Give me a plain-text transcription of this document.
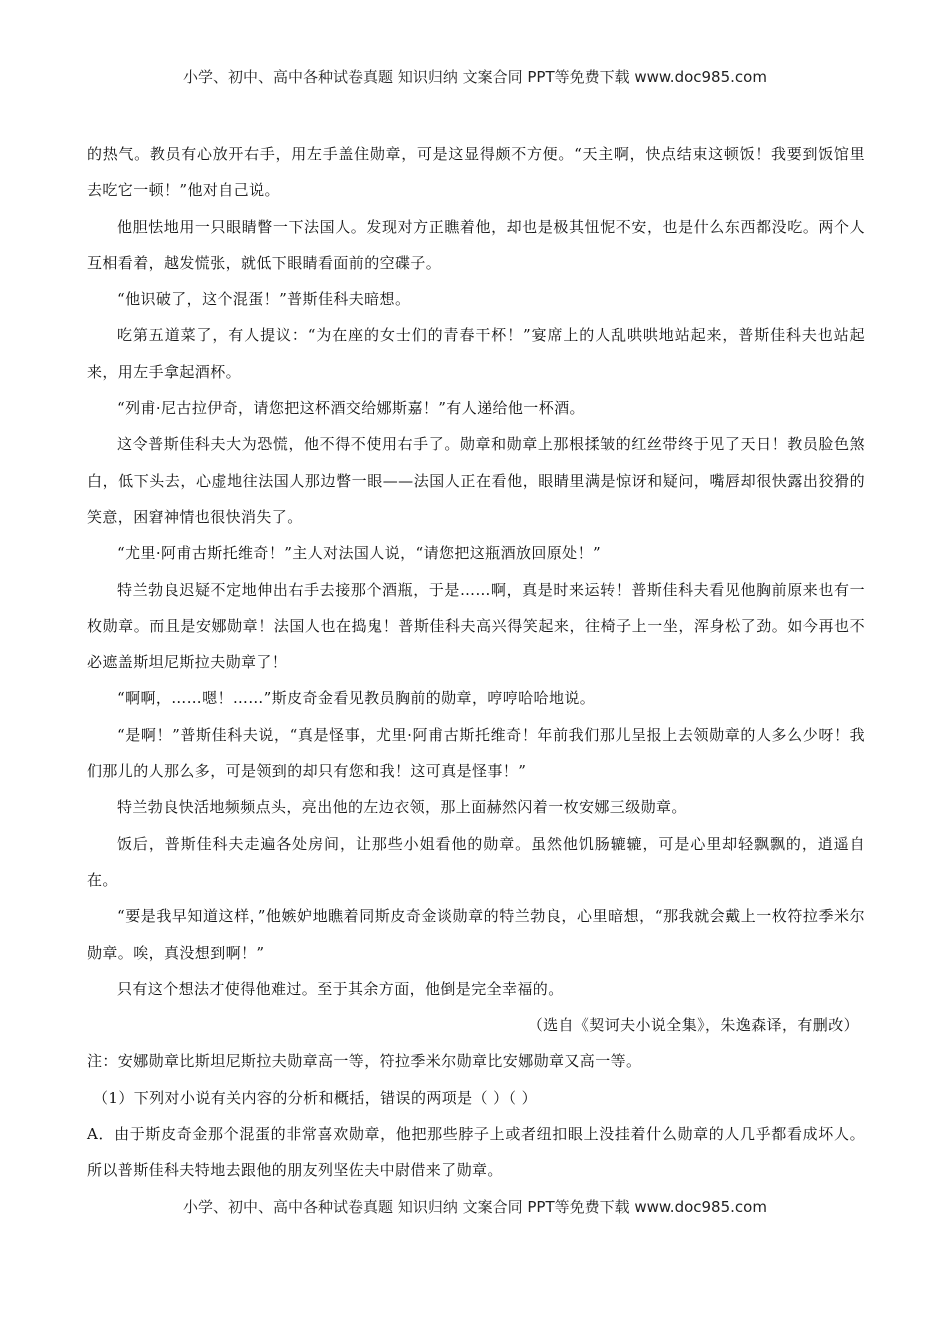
小学、初中、高中各种试卷真题 知识归纳 文案合同 PPT等免费下载 www.doc985.com

的热气。教员有心放开右手，用左手盖住勋章，可是这显得颇不方便。“天主啊，快点结束这顿饭！我要到饭馆里去吃它一顿！”他对自己说。

他胆怯地用一只眼睛瞥一下法国人。发现对方正瞧着他，却也是极其忸怩不安，也是什么东西都没吃。两个人互相看着，越发慌张，就低下眼睛看面前的空碟子。

“他识破了，这个混蛋！”普斯佳科夫暗想。

吃第五道菜了，有人提议：“为在座的女士们的青春干杯！”宴席上的人乱哄哄地站起来，普斯佳科夫也站起来，用左手拿起酒杯。

“列甫·尼古拉伊奇，请您把这杯酒交给娜斯嘉！”有人递给他一杯酒。

这令普斯佳科夫大为恐慌，他不得不使用右手了。勋章和勋章上那根揉皱的红丝带终于见了天日！教员脸色煞白，低下头去，心虚地往法国人那边瞥一眼——法国人正在看他，眼睛里满是惊讶和疑问，嘴唇却很快露出狡猾的笑意，困窘神情也很快消失了。

“尤里·阿甫古斯托维奇！”主人对法国人说，“请您把这瓶酒放回原处！”

特兰勃良迟疑不定地伸出右手去接那个酒瓶，于是……啊，真是时来运转！普斯佳科夫看见他胸前原来也有一枚勋章。而且是安娜勋章！法国人也在捣鬼！普斯佳科夫高兴得笑起来，往椅子上一坐，浑身松了劲。如今再也不必遮盖斯坦尼斯拉夫勋章了！

“啊啊，……嗯！……”斯皮奇金看见教员胸前的勋章，哼哼哈哈地说。

“是啊！”普斯佳科夫说，“真是怪事，尤里·阿甫古斯托维奇！年前我们那儿呈报上去领勋章的人多么少呀！我们那儿的人那么多，可是领到的却只有您和我！这可真是怪事！”

特兰勃良快活地频频点头，亮出他的左边衣领，那上面赫然闪着一枚安娜三级勋章。

饭后，普斯佳科夫走遍各处房间，让那些小姐看他的勋章。虽然他饥肠辘辘，可是心里却轻飘飘的，逍遥自在。

“要是我早知道这样，”他嫉妒地瞧着同斯皮奇金谈勋章的特兰勃良，心里暗想，“那我就会戴上一枚符拉季米尔勋章。唉，真没想到啊！”

只有这个想法才使得他难过。至于其余方面，他倒是完全幸福的。

（选自《契诃夫小说全集》，朱逸森译，有删改）

注：安娜勋章比斯坦尼斯拉夫勋章高一等，符拉季米尔勋章比安娜勋章又高一等。

（1）下列对小说有关内容的分析和概括，错误的两项是（ ）（ ）

A．由于斯皮奇金那个混蛋的非常喜欢勋章，他把那些脖子上或者纽扣眼上没挂着什么勋章的人几乎都看成坏人。所以普斯佳科夫特地去跟他的朋友列坚佐夫中尉借来了勋章。

小学、初中、高中各种试卷真题 知识归纳 文案合同 PPT等免费下载 www.doc985.com
